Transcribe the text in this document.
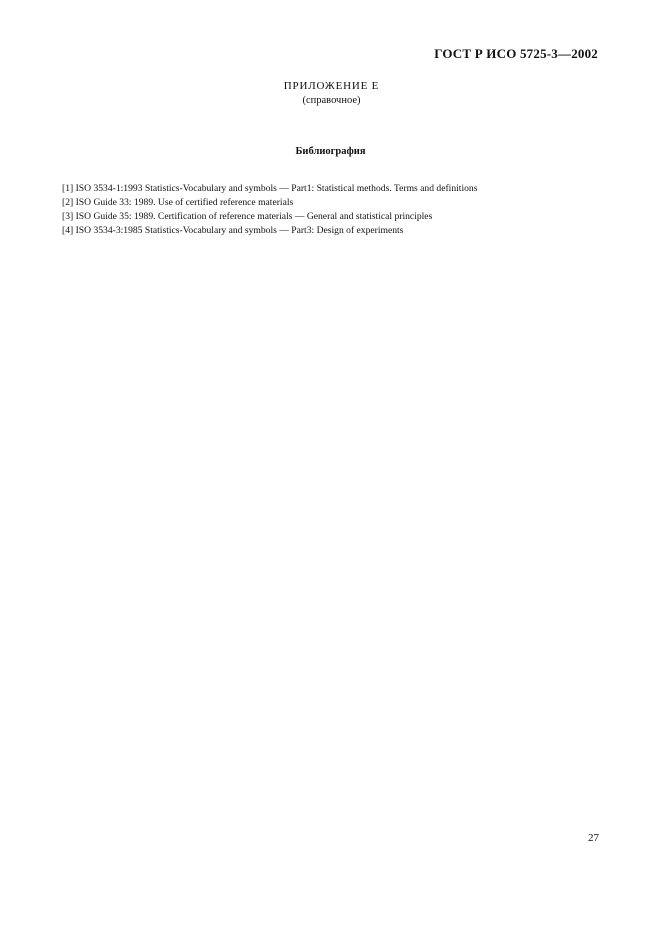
ГОСТ Р ИСО 5725-3—2002
ПРИЛОЖЕНИЕ Е
(справочное)
Библиография
[1] ISO 3534-1:1993 Statistics-Vocabulary and symbols — Part1: Statistical methods. Terms and definitions
[2] ISO Guide 33: 1989. Use of certified reference materials
[3] ISO Guide 35: 1989. Certification of reference materials — General and statistical principles
[4] ISO 3534-3:1985 Statistics-Vocabulary and symbols — Part3: Design of experiments
27
